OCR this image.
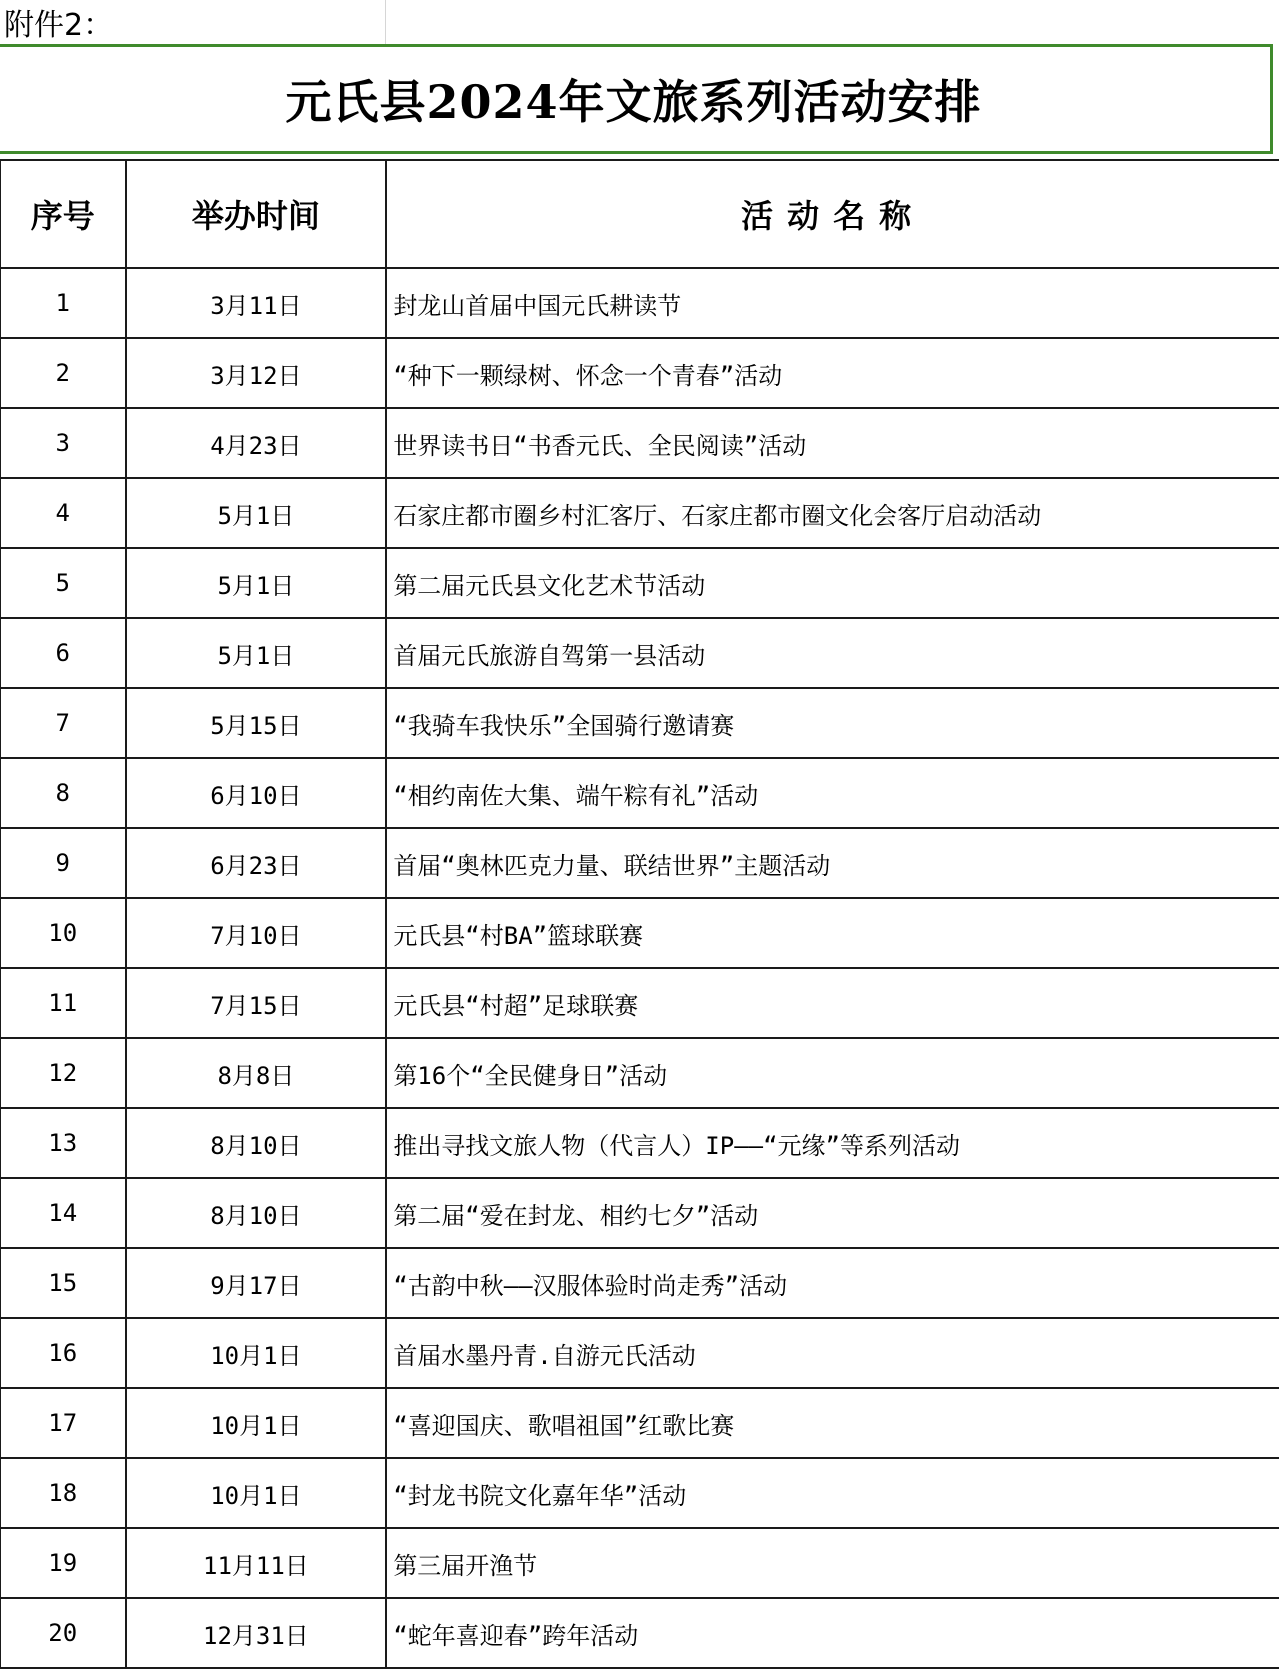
附件2：
元氏县2024年文旅系列活动安排
序号	举办时间	活动名称
1	3月11日	封龙山首届中国元氏耕读节
2	3月12日	“种下一颗绿树、怀念一个青春”活动
3	4月23日	世界读书日“书香元氏、全民阅读”活动
4	5月1日	石家庄都市圈乡村汇客厅、石家庄都市圈文化会客厅启动活动
5	5月1日	第二届元氏县文化艺术节活动
6	5月1日	首届元氏旅游自驾第一县活动
7	5月15日	“我骑车我快乐”全国骑行邀请赛
8	6月10日	“相约南佐大集、端午粽有礼”活动
9	6月23日	首届“奥林匹克力量、联结世界”主题活动
10	7月10日	元氏县“村BA”篮球联赛
11	7月15日	元氏县“村超”足球联赛
12	8月8日	第16个“全民健身日”活动
13	8月10日	推出寻找文旅人物（代言人）IP——“元缘”等系列活动
14	8月10日	第二届“爱在封龙、相约七夕”活动
15	9月17日	“古韵中秋——汉服体验时尚走秀”活动
16	10月1日	首届水墨丹青.自游元氏活动
17	10月1日	“喜迎国庆、歌唱祖国”红歌比赛
18	10月1日	“封龙书院文化嘉年华”活动
19	11月11日	第三届开渔节
20	12月31日	“蛇年喜迎春”跨年活动
